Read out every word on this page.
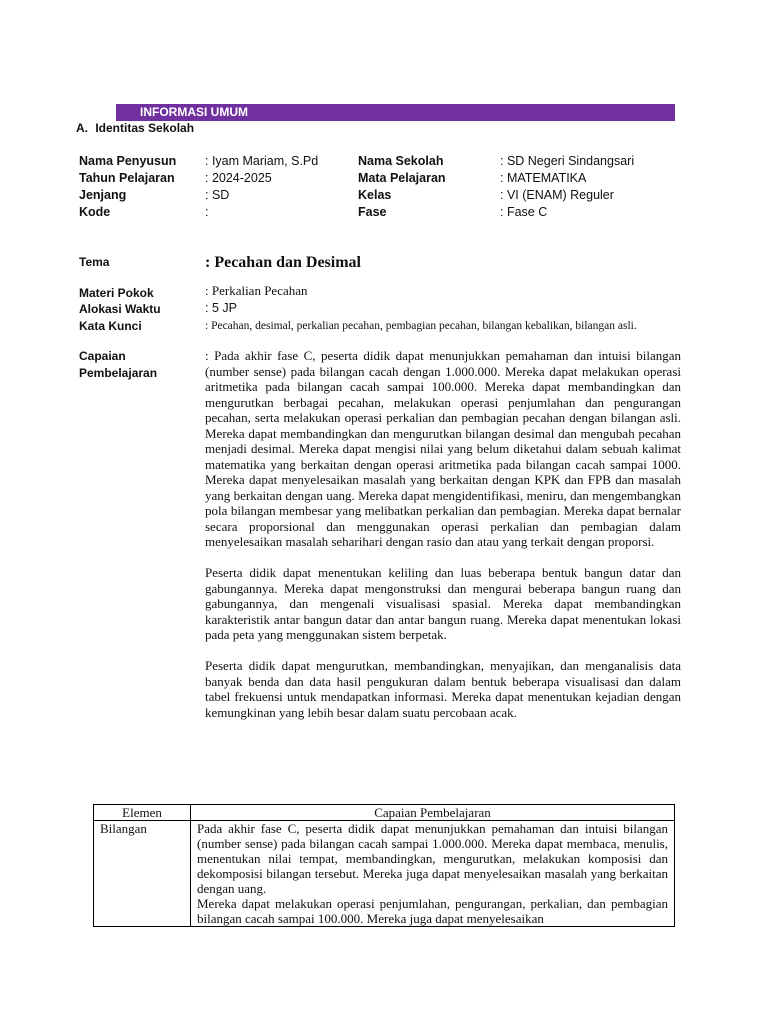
INFORMASI UMUM
A. Identitas Sekolah
Nama Penyusun : Iyam Mariam, S.Pd	Nama Sekolah	: SD Negeri Sindangsari
Tahun Pelajaran : 2024-2025	Mata Pelajaran	: MATEMATIKA
Jenjang	: SD	Kelas	: VI (ENAM) Reguler
Kode	:	Fase	: Fase C
Tema	: Pecahan dan Desimal
Materi Pokok	: Perkalian Pecahan
Alokasi Waktu	: 5 JP
Kata Kunci	: Pecahan, desimal, perkalian pecahan, pembagian pecahan, bilangan kebalikan, bilangan asli.
Capaian
Pembelajaran

: Pada akhir fase C, peserta didik dapat menunjukkan pemahaman dan intuisi bilangan (number sense) pada bilangan cacah dengan 1.000.000. Mereka dapat melakukan operasi aritmetika pada bilangan cacah sampai 100.000. Mereka dapat membandingkan dan mengurutkan berbagai pecahan, melakukan operasi penjumlahan dan pengurangan pecahan, serta melakukan operasi perkalian dan pembagian pecahan dengan bilangan asli. Mereka dapat membandingkan dan mengurutkan bilangan desimal dan mengubah pecahan menjadi desimal. Mereka dapat mengisi nilai yang belum diketahui dalam sebuah kalimat matematika yang berkaitan dengan operasi aritmetika pada bilangan cacah sampai 1000. Mereka dapat menyelesaikan masalah yang berkaitan dengan KPK dan FPB dan masalah yang berkaitan dengan uang. Mereka dapat mengidentifikasi, meniru, dan mengembangkan pola bilangan membesar yang melibatkan perkalian dan pembagian. Mereka dapat bernalar secara proporsional dan menggunakan operasi perkalian dan pembagian dalam menyelesaikan masalah seharihari dengan rasio dan atau yang terkait dengan proporsi.

Peserta didik dapat menentukan keliling dan luas beberapa bentuk bangun datar dan gabungannya. Mereka dapat mengonstruksi dan mengurai beberapa bangun ruang dan gabungannya, dan mengenali visualisasi spasial. Mereka dapat membandingkan karakteristik antar bangun datar dan antar bangun ruang. Mereka dapat menentukan lokasi pada peta yang menggunakan sistem berpetak.

Peserta didik dapat mengurutkan, membandingkan, menyajikan, dan menganalisis data banyak benda dan data hasil pengukuran dalam bentuk beberapa visualisasi dan dalam tabel frekuensi untuk mendapatkan informasi. Mereka dapat menentukan kejadian dengan kemungkinan yang lebih besar dalam suatu percobaan acak.

Elemen	Capaian Pembelajaran
Bilangan	Pada akhir fase C, peserta didik dapat menunjukkan pemahaman dan intuisi bilangan (number sense) pada bilangan cacah sampai 1.000.000. Mereka dapat membaca, menulis, menentukan nilai tempat, membandingkan, mengurutkan, melakukan komposisi dan dekomposisi bilangan tersebut. Mereka juga dapat menyelesaikan masalah yang berkaitan dengan uang.
Mereka dapat melakukan operasi penjumlahan, pengurangan, perkalian, dan pembagian bilangan cacah sampai 100.000. Mereka juga dapat menyelesaikan
